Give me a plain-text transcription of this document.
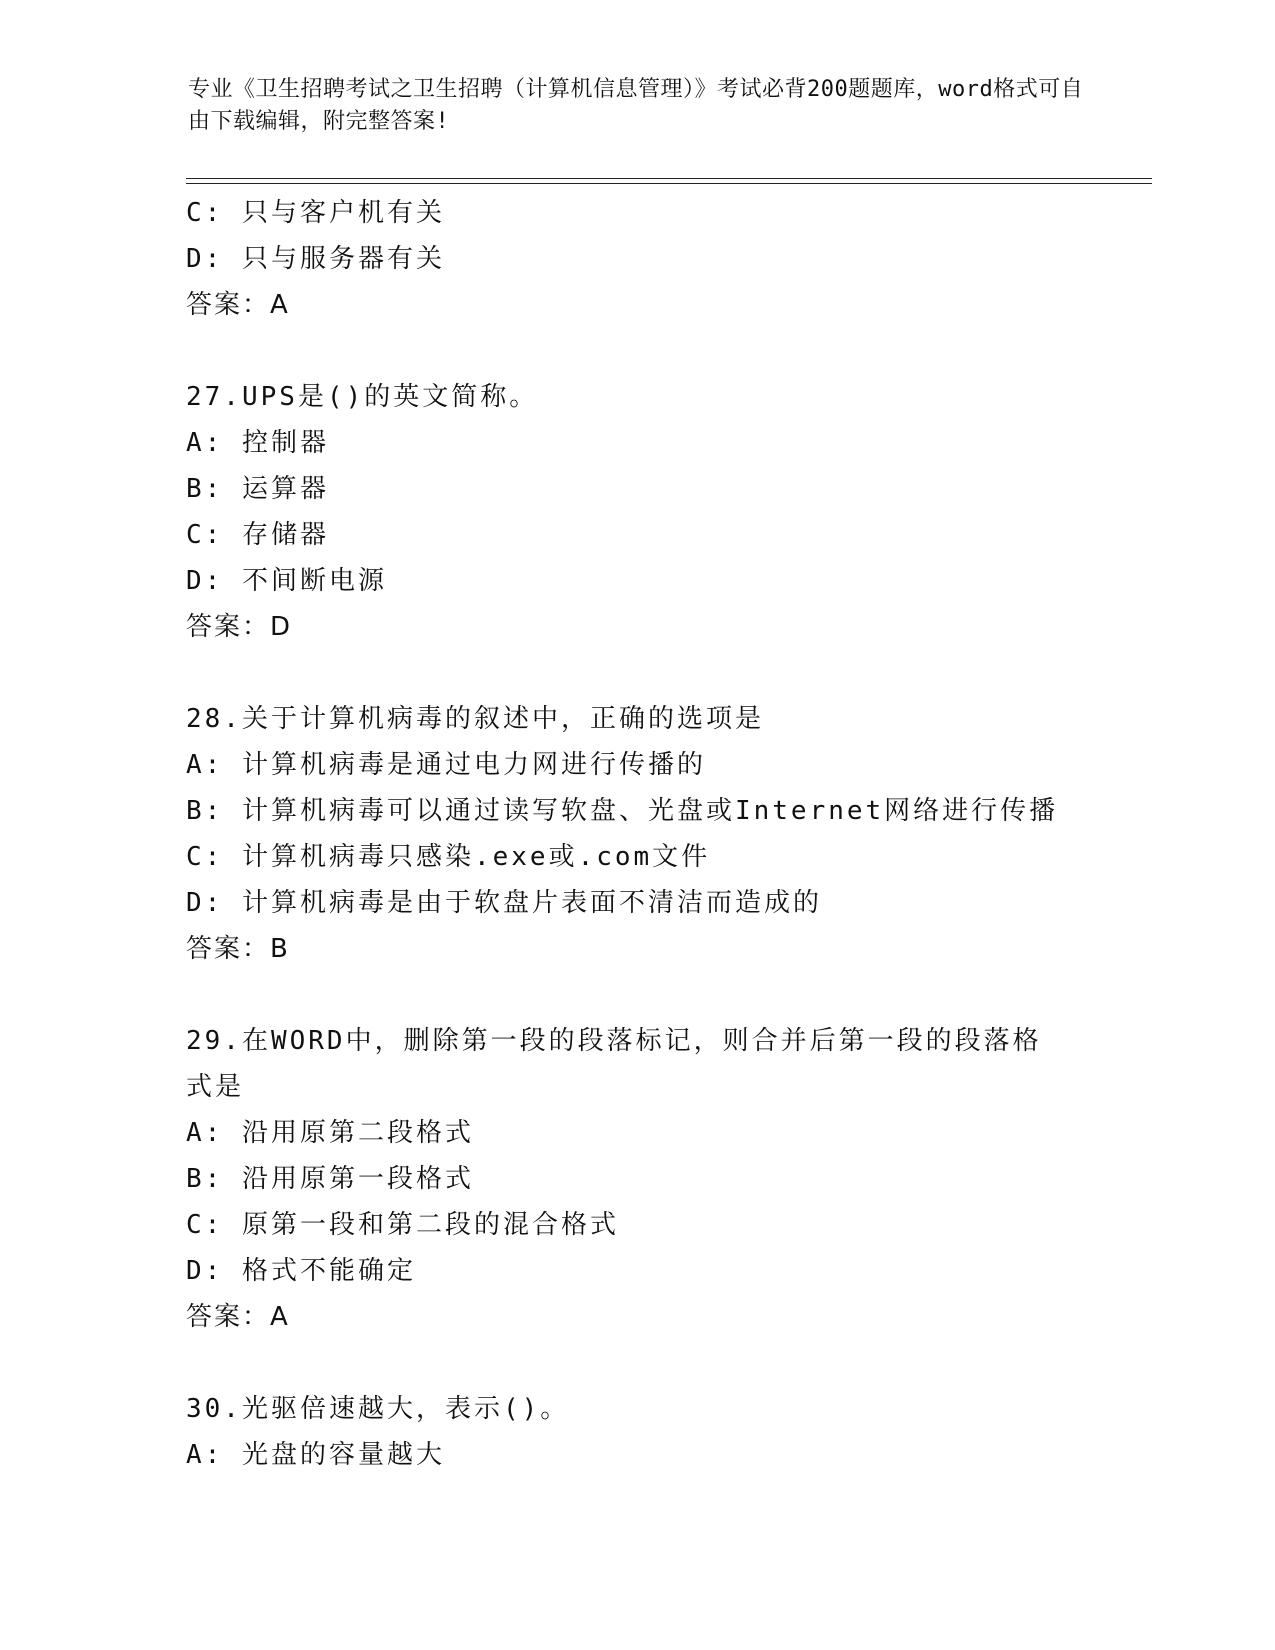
专业《卫生招聘考试之卫生招聘（计算机信息管理）》考试必背200题题库，word格式可自由下载编辑，附完整答案!
C: 只与客户机有关
D: 只与服务器有关
答案：A
27.UPS是()的英文简称。
A: 控制器
B: 运算器
C: 存储器
D: 不间断电源
答案：D
28.关于计算机病毒的叙述中，正确的选项是
A: 计算机病毒是通过电力网进行传播的
B: 计算机病毒可以通过读写软盘、光盘或Internet网络进行传播
C: 计算机病毒只感染.exe或.com文件
D: 计算机病毒是由于软盘片表面不清洁而造成的
答案：B
29.在WORD中，删除第一段的段落标记，则合并后第一段的段落格式是
A: 沿用原第二段格式
B: 沿用原第一段格式
C: 原第一段和第二段的混合格式
D: 格式不能确定
答案：A
30.光驱倍速越大，表示()。
A: 光盘的容量越大
